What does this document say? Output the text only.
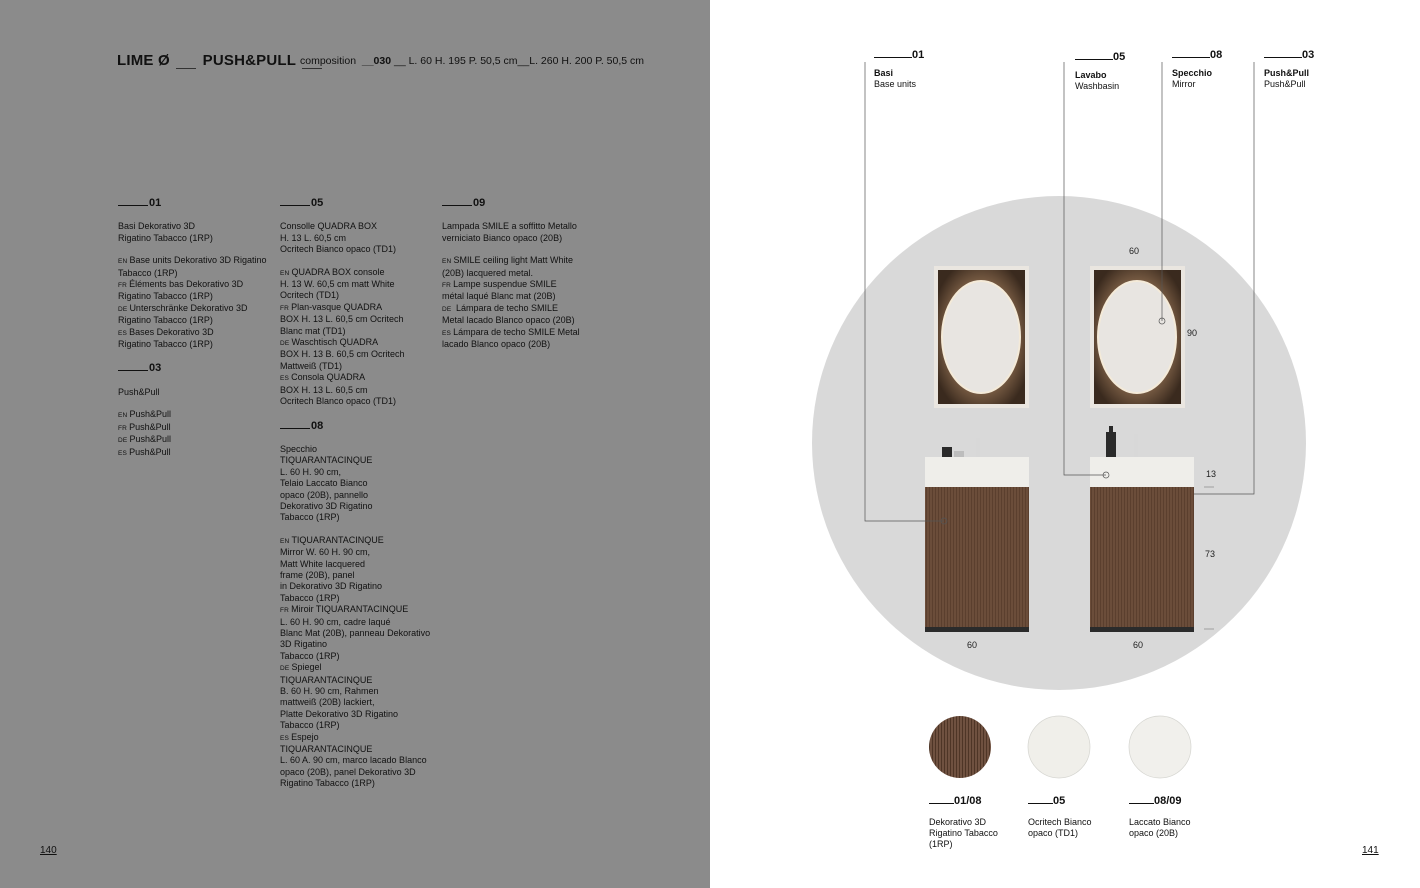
LIME Ø PUSH&PULL composition __030 __ L. 60 H. 195 P. 50,5 cm__L. 260 H. 200 P. 50,5 cm
01
Basi Dekorativo 3D
Rigatino Tabacco (1RP)
EN Base units Dekorativo 3D Rigatino
Tabacco (1RP)
FR Éléments bas Dekorativo 3D
Rigatino Tabacco (1RP)
DE Unterschränke Dekorativo 3D
Rigatino Tabacco (1RP)
ES Bases Dekorativo 3D
Rigatino Tabacco (1RP)
03
Push&Pull
EN Push&Pull
FR Push&Pull
DE Push&Pull
ES Push&Pull
05
Consolle QUADRA BOX
H. 13 L. 60,5 cm
Ocritech Bianco opaco (TD1)
EN QUADRA BOX console
H. 13 W. 60,5 cm matt White
Ocritech (TD1)
FR Plan-vasque QUADRA
BOX H. 13 L. 60,5 cm Ocritech
Blanc mat (TD1)
DE Waschtisch QUADRA
BOX H. 13 B. 60,5 cm Ocritech
Mattweiß (TD1)
ES Consola QUADRA
BOX H. 13 L. 60,5 cm
Ocritech Blanco opaco (TD1)
08
Specchio
TIQUARANTACINQUE
L. 60 H. 90 cm,
Telaio Laccato Bianco
opaco (20B), pannello
Dekorativo 3D Rigatino
Tabacco (1RP)
EN TIQUARANTACINQUE
Mirror W. 60 H. 90 cm,
Matt White lacquered
frame (20B), panel
in Dekorativo 3D Rigatino
Tabacco (1RP)
FR Miroir TIQUARANTACINQUE
L. 60 H. 90 cm, cadre laqué
Blanc Mat (20B), panneau Dekorativo
3D Rigatino
Tabacco (1RP)
DE Spiegel
TIQUARANTACINQUE
B. 60 H. 90 cm, Rahmen
mattweiß (20B) lackiert,
Platte Dekorativo 3D Rigatino
Tabacco (1RP)
ES Espejo
TIQUARANTACINQUE
L. 60 A. 90 cm, marco lacado Blanco
opaco (20B), panel Dekorativo 3D
Rigatino Tabacco (1RP)
09
Lampada SMILE a soffitto Metallo
verniciato Bianco opaco (20B)
EN SMILE ceiling light Matt White
(20B) lacquered metal.
FR Lampe suspendue SMILE
métal laqué Blanc mat (20B)
DE Lámpara de techo SMILE
Metal lacado Blanco opaco (20B)
ES Lámpara de techo SMILE Metal
lacado Blanco opaco (20B)
140
01
Basi
Base units
05
Lavabo
Washbasin
08
Specchio
Mirror
03
Push&Pull
Push&Pull
60
90
13
73
60	60
01/08
Dekorativo 3D
Rigatino Tabacco
(1RP)
05
Ocritech Bianco
opaco (TD1)
08/09
Laccato Bianco
opaco (20B)
141
